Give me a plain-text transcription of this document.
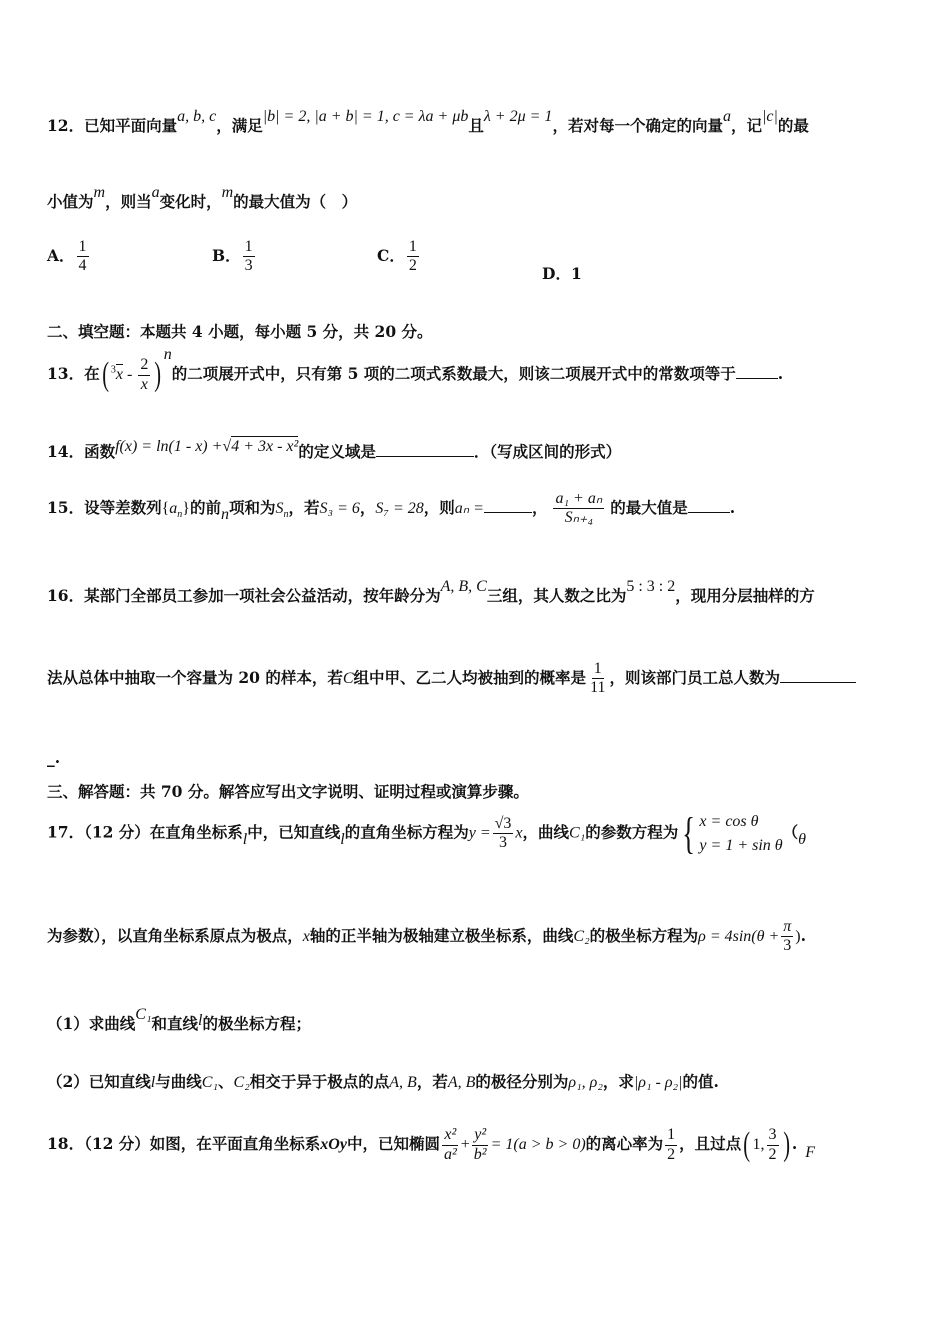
12．已知平面向量a, b, c，满足|b| = 2, |a + b| = 1, c = λa + μb且λ + 2μ = 1，若对每一个确定的向量a，记|c|的最
小值为m，则当a变化时，m的最大值为（　）
A． $\frac{1}{4}$	B． $\frac{1}{3}$	C． $\frac{1}{2}$	D．1
二、填空题：本题共 4 小题，每小题 5 分，共 20 分。
13．在( $^3x - \frac{2}{x} )^n$的二项展开式中，只有第 5 项的二项式系数最大，则该二项展开式中的常数项等于	.
14．函数f(x) = ln(1 - x) +√4 + 3x - x²的定义域是	．（写成区间的形式）
15．设等差数列$\{a_n\}$的前n项和为$S_n$，若S₃ = 6，S₇ = 28，则aₙ =	， $\frac{\text{a₁ + aₙ}}{\text{Sₙ₊₄}}$ 的最大值是	.
16．某部门全部员工参加一项社会公益活动，按年龄分为A, B, C三组，其人数之比为5 : 3 : 2，现用分层抽样的方
法从总体中抽取一个容量为 20 的样本，若C组中甲、乙二人均被抽到的概率是 $\frac{1}{11}$ ，则该部门员工总人数为
_.
三、解答题：共 70 分。解答应写出文字说明、证明过程或演算步骤。
17．（12 分）在直角坐标系l中，已知直线l的直角坐标方程为$y = \frac{√3}{3}$ x，曲线C₁的参数方程为{ x = cos θ
y = 1 + sin θ
（θ
为参数），以直角坐标系原点为极点，x轴的正半轴为极轴建立极坐标系，曲线C₂的极坐标方程为$\rho = 4\sin(\theta + \frac{\pi}{3}$ ).
（1）求曲线C₁和直线l的极坐标方程；
（2）已知直线l与曲线C₁、C₂相交于异于极点的点A, B，若A, B的极径分别为ρ₁, ρ₂，求|ρ₁ - ρ₂|的值.
18．（12 分）如图，在平面直角坐标系xOy中，已知椭圆 $\frac{\text{x²}}{\text{a²}} + \frac{\text{y²}}{\text{b²}} = 1(a > b > 0)$的离心率为 $\frac{1}{2}$ ，且过点( 1, $\frac{3}{2}$ ) . F
